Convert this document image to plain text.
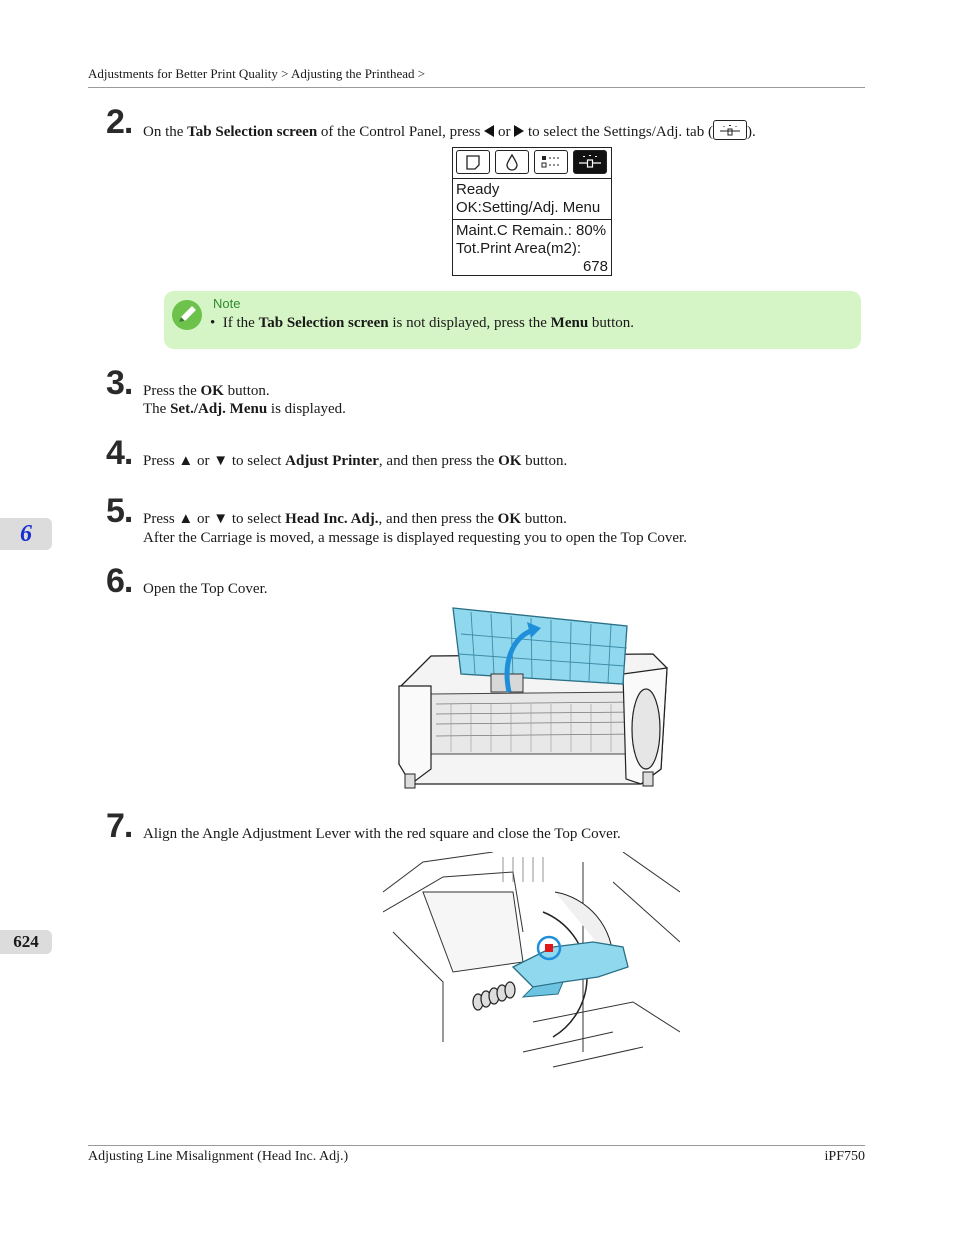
Adjustments for Better Print Quality > Adjusting the Printhead >
2. On the Tab Selection screen of the Control Panel, press  or  to select the Settings/Adj. tab ( ).
Ready
OK:Setting/Adj. Menu
Maint.C Remain.: 80%
Tot.Print Area(m2):
678
Note
• If the Tab Selection screen is not displayed, press the Menu button.
3. Press the OK button.
The Set./Adj. Menu is displayed.
4. Press ▲ or ▼ to select Adjust Printer, and then press the OK button.
5. Press ▲ or ▼ to select Head Inc. Adj., and then press the OK button.
After the Carriage is moved, a message is displayed requesting you to open the Top Cover.
6
624
6. Open the Top Cover.
7. Align the Angle Adjustment Lever with the red square and close the Top Cover.
Adjusting Line Misalignment (Head Inc. Adj.)	iPF750
